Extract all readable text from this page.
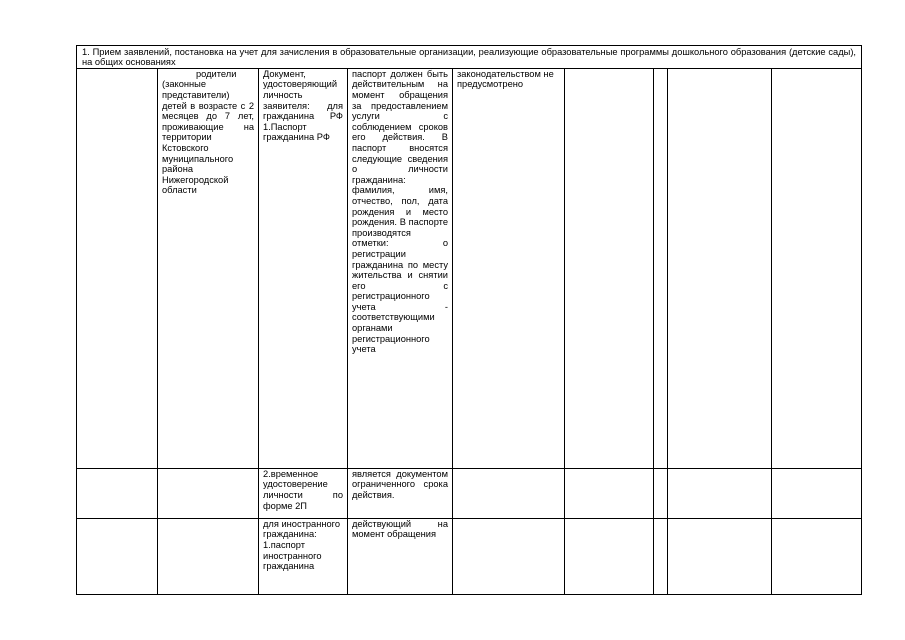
1. Прием заявлений, постановка на учет для зачисления в образовательные организации, реализующие образовательные программы дошкольного образования (детские сады), на общих основаниях								

	родители (законные представители) детей в возрасте с 2 месяцев до 7 лет, проживающие на территории Кстовского муниципального района Нижегородской области	Документ, удостоверяющий личность заявителя: для гражданина РФ 1.Паспорт гражданина РФ	паспорт должен быть действительным на момент обращения за предоставлением услуги с соблюдением сроков его действия. В паспорт вносятся следующие сведения о личности гражданина: фамилия, имя, отчество, пол, дата рождения и место рождения. В паспорте производятся отметки: о регистрации гражданина по месту жительства и снятии его с регистрационного учета - соответствующими органами регистрационного учета	законодательством не предусмотрено				

		2.временное удостоверение личности по форме 2П	является документом ограниченного срока действия.					

		для иностранного гражданина: 1.паспорт иностранного гражданина	действующий на момент обращения					
